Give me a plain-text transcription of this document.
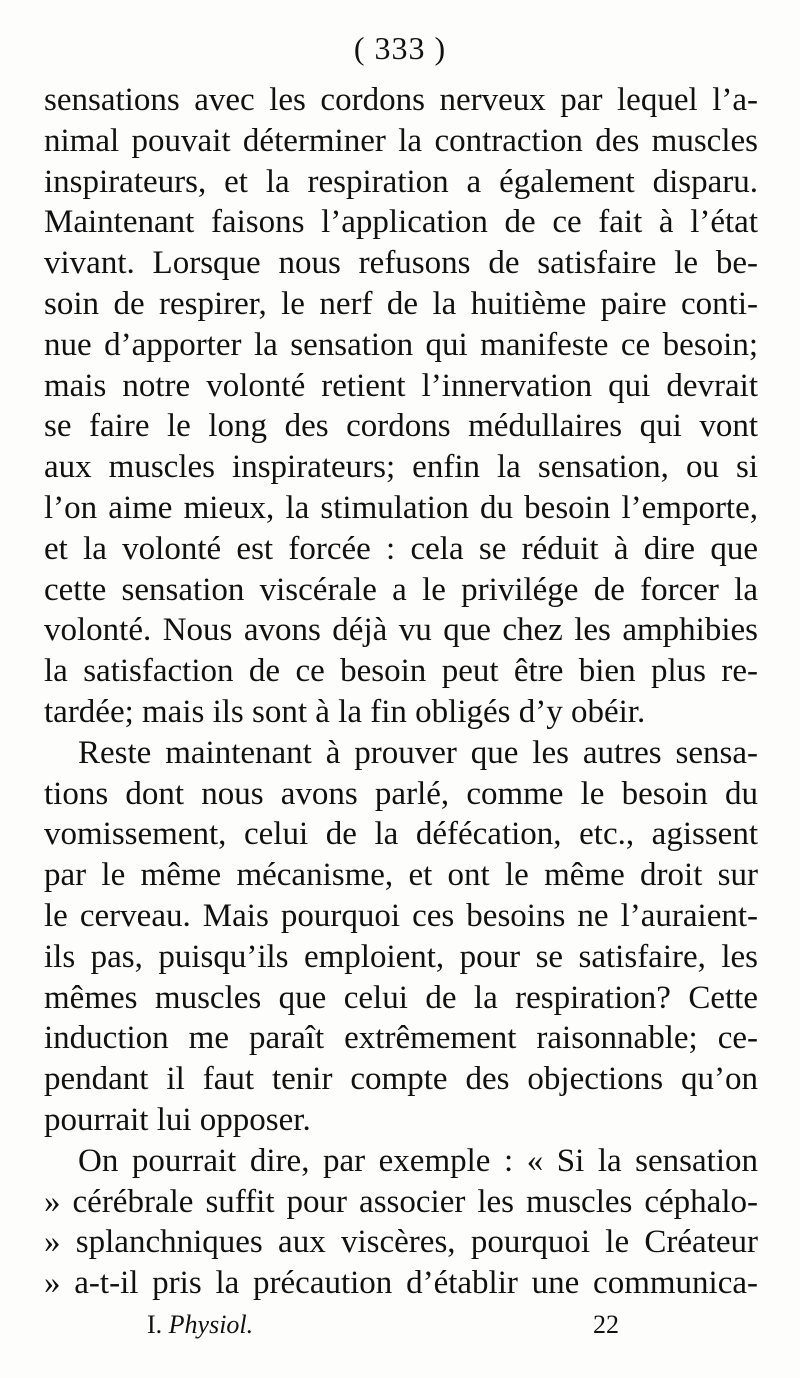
( 333 )
sensations avec les cordons nerveux par lequel l’a-
nimal pouvait déterminer la contraction des muscles
inspirateurs, et la respiration a également disparu.
Maintenant faisons l’application de ce fait à l’état
vivant. Lorsque nous refusons de satisfaire le be-
soin de respirer, le nerf de la huitième paire conti-
nue d’apporter la sensation qui manifeste ce besoin;
mais notre volonté retient l’innervation qui devrait
se faire le long des cordons médullaires qui vont
aux muscles inspirateurs; enfin la sensation, ou si
l’on aime mieux, la stimulation du besoin l’emporte,
et la volonté est forcée : cela se réduit à dire que
cette sensation viscérale a le privilége de forcer la
volonté. Nous avons déjà vu que chez les amphibies
la satisfaction de ce besoin peut être bien plus re-
tardée; mais ils sont à la fin obligés d’y obéir.
Reste maintenant à prouver que les autres sensa-
tions dont nous avons parlé, comme le besoin du
vomissement, celui de la défécation, etc., agissent
par le même mécanisme, et ont le même droit sur
le cerveau. Mais pourquoi ces besoins ne l’auraient-
ils pas, puisqu’ils emploient, pour se satisfaire, les
mêmes muscles que celui de la respiration? Cette
induction me paraît extrêmement raisonnable; ce-
pendant il faut tenir compte des objections qu’on
pourrait lui opposer.
On pourrait dire, par exemple : « Si la sensation
» cérébrale suffit pour associer les muscles céphalo-
» splanchniques aux viscères, pourquoi le Créateur
» a-t-il pris la précaution d’établir une communica-
I. Physiol.	22
